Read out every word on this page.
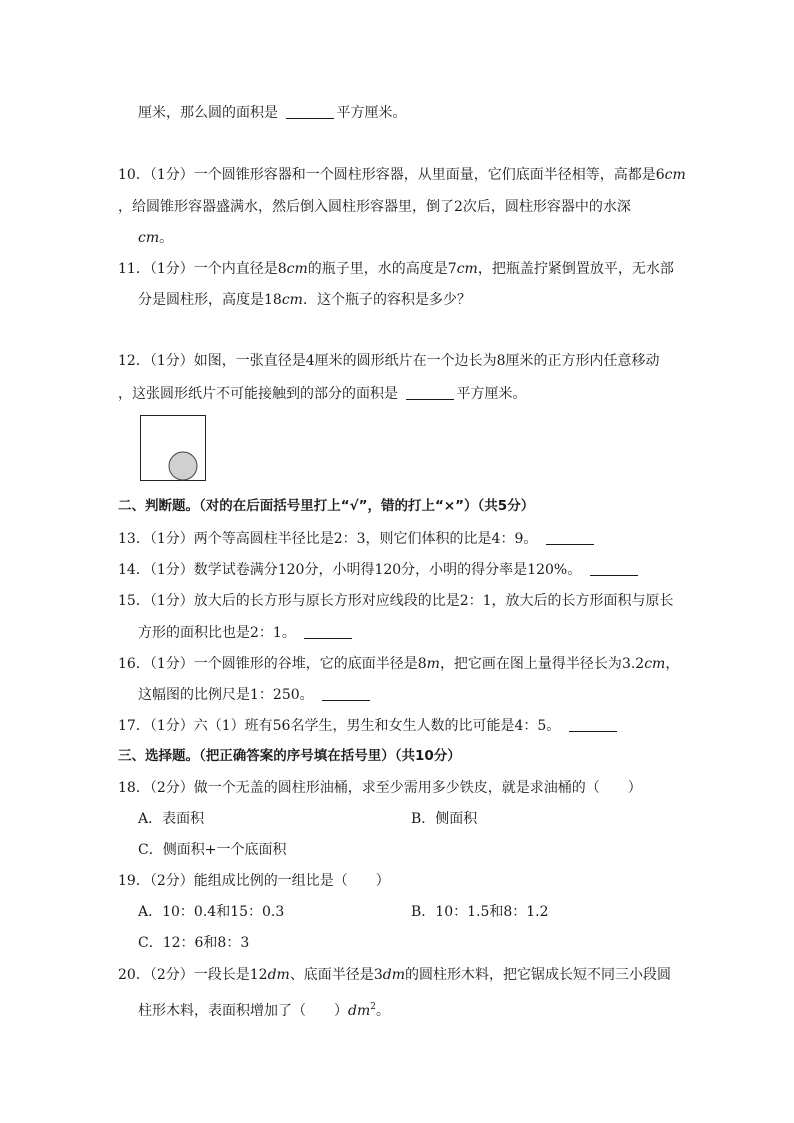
厘米，那么圆的面积是	平方厘米。
10．（1分）一个圆锥形容器和一个圆柱形容器，从里面量，它们底面半径相等，高都是6cm
，给圆锥形容器盛满水，然后倒入圆柱形容器里，倒了2次后，圆柱形容器中的水深
cm。
11．（1分）一个内直径是8cm的瓶子里，水的高度是7cm，把瓶盖拧紧倒置放平，无水部
分是圆柱形，高度是18cm．这个瓶子的容积是多少？
12．（1分）如图，一张直径是4厘米的圆形纸片在一个边长为8厘米的正方形内任意移动
，这张圆形纸片不可能接触到的部分的面积是	平方厘米。
二、判断题。（对的在后面括号里打上“√”，错的打上“×”）（共5分）
13．（1分）两个等高圆柱半径比是2：3，则它们体积的比是4：9。
14．（1分）数学试卷满分120分，小明得120分，小明的得分率是120%。
15．（1分）放大后的长方形与原长方形对应线段的比是2：1，放大后的长方形面积与原长
方形的面积比也是2：1。
16．（1分）一个圆锥形的谷堆，它的底面半径是8m，把它画在图上量得半径长为3.2cm，
这幅图的比例尺是1：250。
17．（1分）六（1）班有56名学生，男生和女生人数的比可能是4：5。
三、选择题。（把正确答案的序号填在括号里）（共10分）
18．（2分）做一个无盖的圆柱形油桶，求至少需用多少铁皮，就是求油桶的（　　）
A．表面积	B．侧面积
C．侧面积+一个底面积
19．（2分）能组成比例的一组比是（　　）
A．10：0.4和15：0.3	B．10：1.5和8：1.2
C．12：6和8：3
20．（2分）一段长是12dm、底面半径是3dm的圆柱形木料，把它锯成长短不同三小段圆
柱形木料，表面积增加了（　　）$dm^2$。
